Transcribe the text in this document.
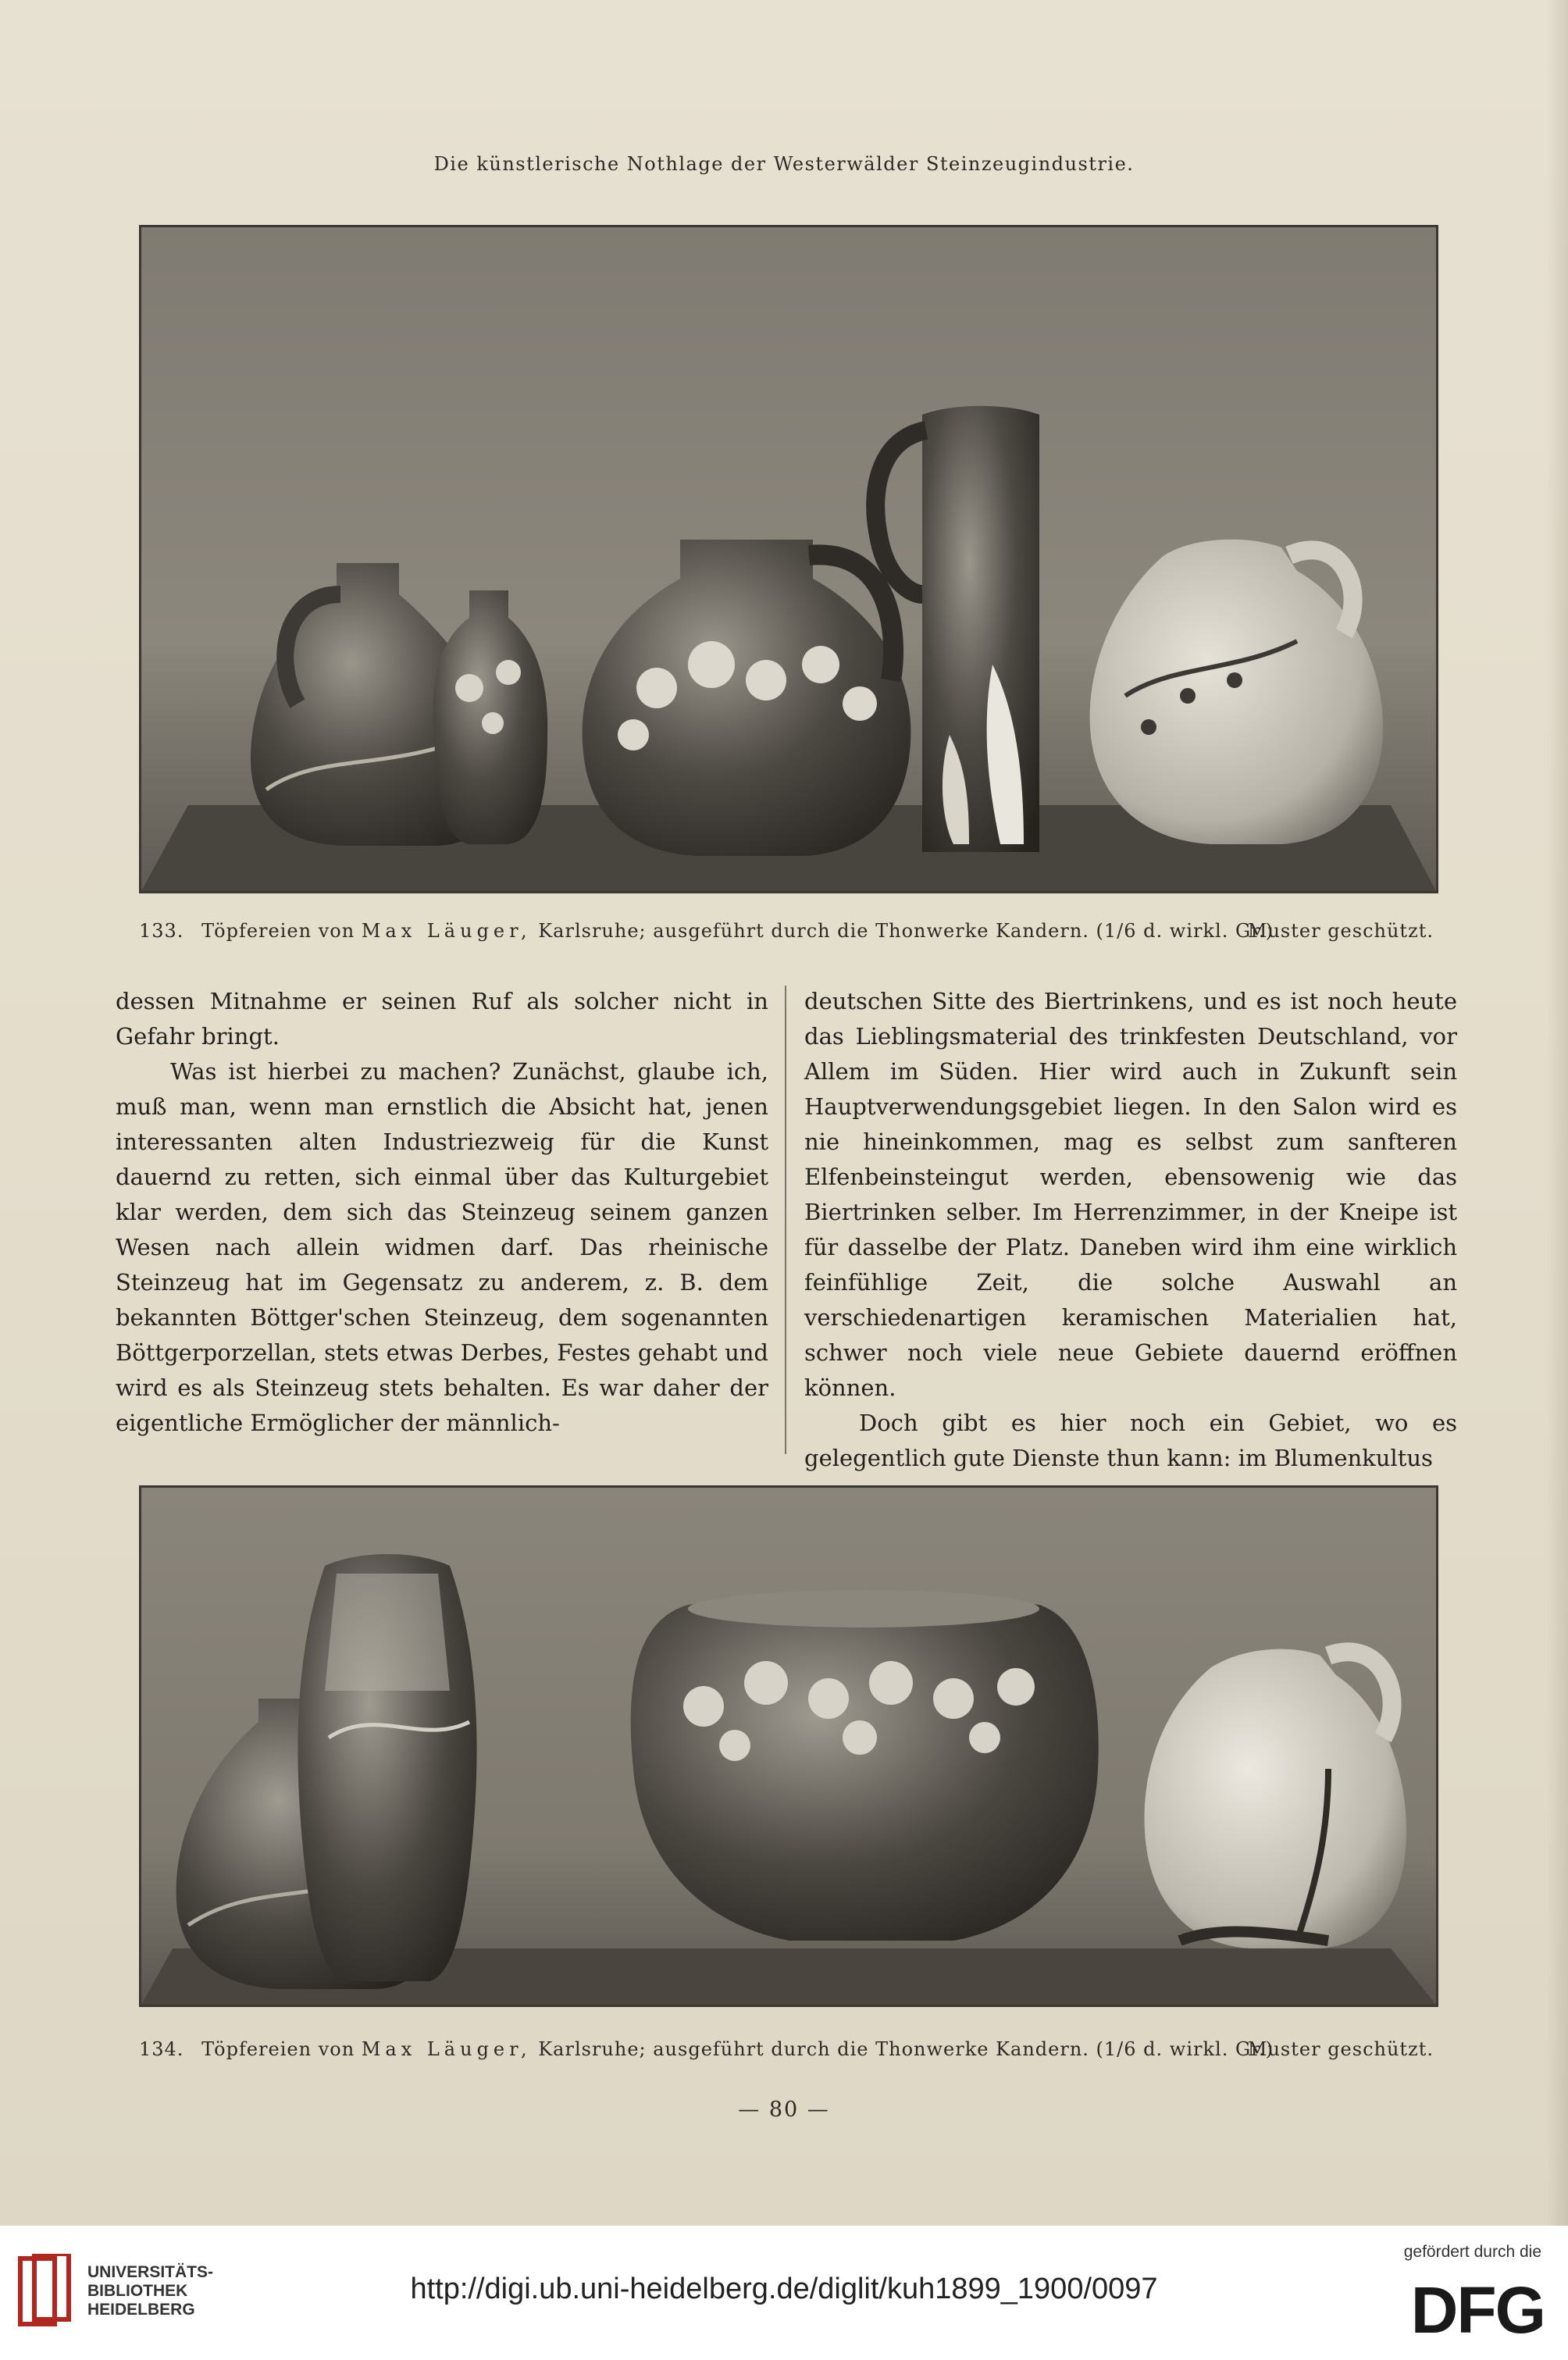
Die künstlerische Nothlage der Westerwälder Steinzeugindustrie.
133. Töpfereien von Max Läuger, Karlsruhe; ausgeführt durch die Thonwerke Kandern. (1/6 d. wirkl. Gr.)
Muster geschützt.

dessen Mitnahme er seinen Ruf als solcher nicht in Gefahr bringt.

Was ist hierbei zu machen? Zunächst, glaube ich, muß man, wenn man ernstlich die Absicht hat, jenen interessanten alten Industriezweig für die Kunst dauernd zu retten, sich einmal über das Kulturgebiet klar werden, dem sich das Steinzeug seinem ganzen Wesen nach allein widmen darf. Das rheinische Steinzeug hat im Gegensatz zu anderem, z. B. dem bekannten Böttger'schen Steinzeug, dem sogenannten Böttgerporzellan, stets etwas Derbes, Festes gehabt und wird es als Steinzeug stets behalten. Es war daher der eigentliche Ermöglicher der männlich-

deutschen Sitte des Biertrinkens, und es ist noch heute das Lieblingsmaterial des trinkfesten Deutschland, vor Allem im Süden. Hier wird auch in Zukunft sein Hauptverwendungsgebiet liegen. In den Salon wird es nie hineinkommen, mag es selbst zum sanfteren Elfenbeinsteingut werden, ebensowenig wie das Biertrinken selber. Im Herrenzimmer, in der Kneipe ist für dasselbe der Platz. Daneben wird ihm eine wirklich feinfühlige Zeit, die solche Auswahl an verschiedenartigen keramischen Materialien hat, schwer noch viele neue Gebiete dauernd eröffnen können.

Doch gibt es hier noch ein Gebiet, wo es gelegentlich gute Dienste thun kann: im Blumenkultus

134. Töpfereien von Max Läuger, Karlsruhe; ausgeführt durch die Thonwerke Kandern. (1/6 d. wirkl. Gr.)
Muster geschützt.
— 80 —
UNIVERSITÄTS-
BIBLIOTHEK
HEIDELBERG
http://digi.ub.uni-heidelberg.de/diglit/kuh1899_1900/0097
gefördert durch die
DFG
